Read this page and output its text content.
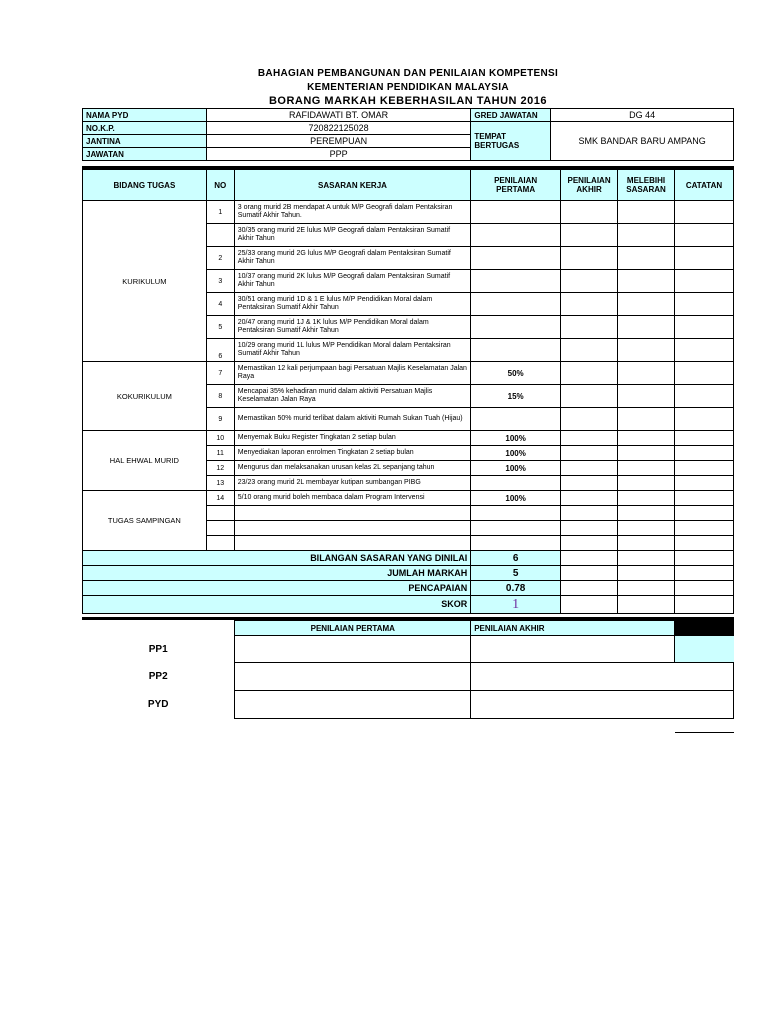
BAHAGIAN PEMBANGUNAN DAN PENILAIAN KOMPETENSI
KEMENTERIAN PENDIDIKAN MALAYSIA
BORANG MARKAH KEBERHASILAN TAHUN 2016
NAMA PYD	RAFIDAWATI BT. OMAR	GRED JAWATAN	DG 44
NO.K.P.	720822125028	TEMPAT BERTUGAS	SMK BANDAR BARU AMPANG
JANTINA	PEREMPUAN		
JAWATAN	PPP		
BIDANG TUGAS	NO	SASARAN KERJA	PENILAIAN PERTAMA	PENILAIAN AKHIR	MELEBIHI SASARAN	CATATAN
KURIKULUM	1	3 orang murid 2B mendapat A untuk M/P Geografi dalam Pentaksiran Sumatif Akhir Tahun.				
		30/35 orang murid 2E lulus M/P Geografi dalam Pentaksiran Sumatif Akhir Tahun				
	2	25/33 orang murid 2G lulus M/P Geografi dalam Pentaksiran Sumatif Akhir Tahun				
	3	10/37 orang murid 2K lulus M/P Geografi dalam Pentaksiran Sumatif Akhir Tahun				
	4	30/51 orang murid 1D & 1 E lulus M/P Pendidikan Moral dalam Pentaksiran Sumatif Akhir Tahun				
	5	20/47 orang murid 1J & 1K lulus M/P Pendidikan Moral dalam Pentaksiran Sumatif Akhir Tahun				
	6	10/29 orang murid 1L lulus M/P Pendidikan Moral dalam Pentaksiran Sumatif Akhir Tahun				
KOKURIKULUM	7	Memastikan 12 kali perjumpaan bagi Persatuan Majlis Keselamatan Jalan Raya	50%			
	8	Mencapai 35% kehadiran murid dalam aktiviti Persatuan Majlis Keselamatan Jalan Raya	15%			
	9	Memastikan 50% murid terlibat dalam aktiviti Rumah Sukan Tuah (Hijau)				
HAL EHWAL MURID	10	Menyemak Buku Register Tingkatan 2 setiap bulan	100%			
	11	Menyediakan laporan enrolmen Tingkatan 2 setiap bulan	100%			
	12	Mengurus dan melaksanakan urusan kelas 2L sepanjang tahun	100%			
	13	23/23 orang murid 2L membayar kutipan sumbangan PIBG				
TUGAS SAMPINGAN	14	5/10 orang murid boleh membaca dalam Program Intervensi	100%			

BILANGAN SASARAN YANG DINILAI			6			
JUMLAH MARKAH			5			
PENCAPAIAN			0.78			
SKOR			1			
	PENILAIAN PERTAMA	PENILAIAN AKHIR	
PP1			
PP2			
PYD			
